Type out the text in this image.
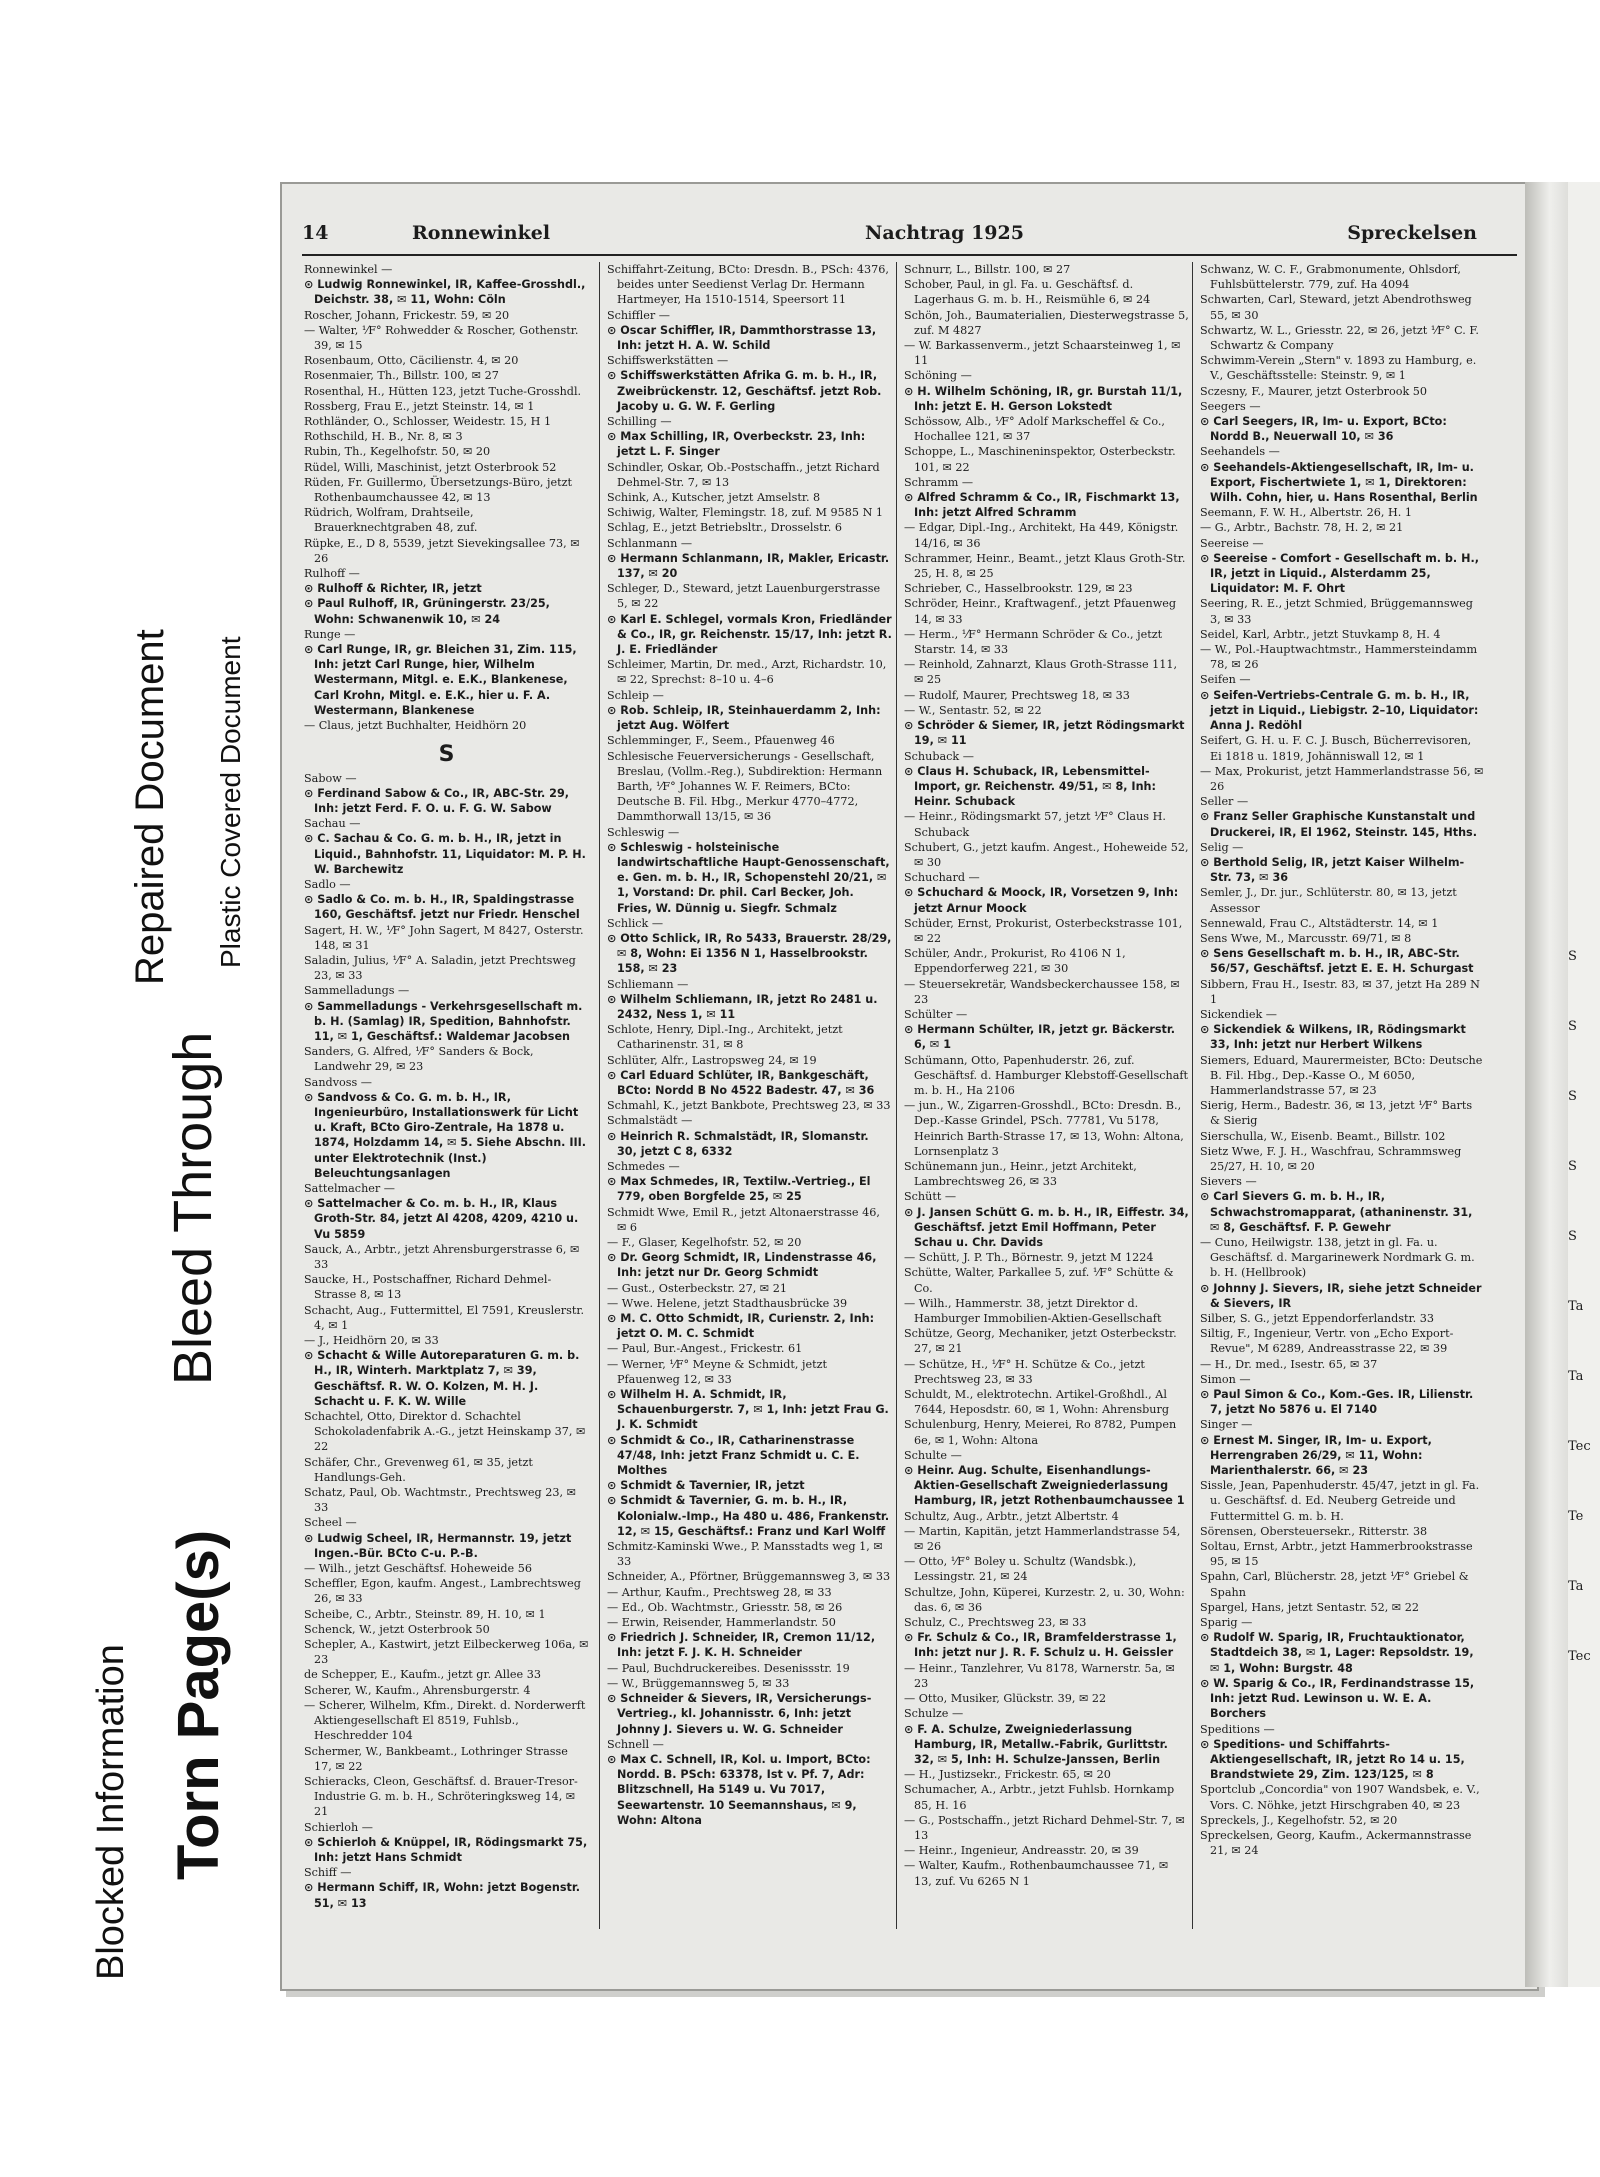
Blocked Information
Bleed Through
Torn Page(s)
Repaired Document Plastic Covered Document
14	Ronnewinkel	Nachtrag 1925	Spreckelsen

Ronnewinkel —

⊙ Ludwig Ronnewinkel, IR, Kaffee-Grosshdl., Deichstr. 38, ✉ 11, Wohn: Cöln

Roscher, Johann, Frickestr. 59, ✉ 20

— Walter, ⅟F° Rohwedder & Roscher, Gothenstr. 39, ✉ 15

Rosenbaum, Otto, Cäcilienstr. 4, ✉ 20

Rosenmaier, Th., Billstr. 100, ✉ 27

Rosenthal, H., Hütten 123, jetzt Tuche-Grosshdl.

Rossberg, Frau E., jetzt Steinstr. 14, ✉ 1

Rothländer, O., Schlosser, Weidestr. 15, H 1

Rothschild, H. B., Nr. 8, ✉ 3

Rubin, Th., Kegelhofstr. 50, ✉ 20

Rüdel, Willi, Maschinist, jetzt Osterbrook 52

Rüden, Fr. Guillermo, Übersetzungs-Büro, jetzt Rothenbaumchaussee 42, ✉ 13

Rüdrich, Wolfram, Drahtseile, Brauerknechtgraben 48, zuf.

Rüpke, E., D 8, 5539, jetzt Sievekingsallee 73, ✉ 26

Rulhoff —

⊙ Rulhoff & Richter, IR, jetzt

⊙ Paul Rulhoff, IR, Grüningerstr. 23/25, Wohn: Schwanenwik 10, ✉ 24

Runge —

⊙ Carl Runge, IR, gr. Bleichen 31, Zim. 115, Inh: jetzt Carl Runge, hier, Wilhelm Westermann, Mitgl. e. E.K., Blankenese, Carl Krohn, Mitgl. e. E.K., hier u. F. A. Westermann, Blankenese

— Claus, jetzt Buchhalter, Heidhörn 20

S

Sabow —

⊙ Ferdinand Sabow & Co., IR, ABC-Str. 29, Inh: jetzt Ferd. F. O. u. F. G. W. Sabow

Sachau —

⊙ C. Sachau & Co. G. m. b. H., IR, jetzt in Liquid., Bahnhofstr. 11, Liquidator: M. P. H. W. Barchewitz

Sadlo —

⊙ Sadlo & Co. m. b. H., IR, Spaldingstrasse 160, Geschäftsf. jetzt nur Friedr. Henschel

Sagert, H. W., ⅟F° John Sagert, M 8427, Osterstr. 148, ✉ 31

Saladin, Julius, ⅟F° A. Saladin, jetzt Prechtsweg 23, ✉ 33

Sammelladungs —

⊙ Sammelladungs - Verkehrsgesellschaft m. b. H. (Samlag) IR, Spedition, Bahnhofstr. 11, ✉ 1, Geschäftsf.: Waldemar Jacobsen

Sanders, G. Alfred, ⅟F° Sanders & Bock, Landwehr 29, ✉ 23

Sandvoss —

⊙ Sandvoss & Co. G. m. b. H., IR, Ingenieurbüro, Installationswerk für Licht u. Kraft, BCto Giro-Zentrale, Ha 1878 u. 1874, Holzdamm 14, ✉ 5. Siehe Abschn. III. unter Elektrotechnik (Inst.) Beleuchtungsanlagen

Sattelmacher —

⊙ Sattelmacher & Co. m. b. H., IR, Klaus Groth-Str. 84, jetzt Al 4208, 4209, 4210 u. Vu 5859

Sauck, A., Arbtr., jetzt Ahrensburgerstrasse 6, ✉ 33

Saucke, H., Postschaffner, Richard Dehmel-Strasse 8, ✉ 13

Schacht, Aug., Futtermittel, El 7591, Kreuslerstr. 4, ✉ 1

— J., Heidhörn 20, ✉ 33

⊙ Schacht & Wille Autoreparaturen G. m. b. H., IR, Winterh. Marktplatz 7, ✉ 39, Geschäftsf. R. W. O. Kolzen, M. H. J. Schacht u. F. K. W. Wille

Schachtel, Otto, Direktor d. Schachtel Schokoladenfabrik A.-G., jetzt Heinskamp 37, ✉ 22

Schäfer, Chr., Grevenweg 61, ✉ 35, jetzt Handlungs-Geh.

Schatz, Paul, Ob. Wachtmstr., Prechtsweg 23, ✉ 33

Scheel —

⊙ Ludwig Scheel, IR, Hermannstr. 19, jetzt Ingen.-Bür. BCto C-u. P.-B.

— Wilh., jetzt Geschäftsf. Hoheweide 56

Scheffler, Egon, kaufm. Angest., Lambrechtsweg 26, ✉ 33

Scheibe, C., Arbtr., Steinstr. 89, H. 10, ✉ 1

Schenck, W., jetzt Osterbrook 50

Schepler, A., Kastwirt, jetzt Eilbeckerweg 106a, ✉ 23

de Schepper, E., Kaufm., jetzt gr. Allee 33

Scherer, W., Kaufm., Ahrensburgerstr. 4

— Scherer, Wilhelm, Kfm., Direkt. d. Norderwerft Aktiengesellschaft El 8519, Fuhlsb., Heschredder 104

Schermer, W., Bankbeamt., Lothringer Strasse 17, ✉ 22

Schieracks, Cleon, Geschäftsf. d. Brauer-Tresor-Industrie G. m. b. H., Schröteringksweg 14, ✉ 21

Schierloh —

⊙ Schierloh & Knüppel, IR, Rödingsmarkt 75, Inh: jetzt Hans Schmidt

Schiff —

⊙ Hermann Schiff, IR, Wohn: jetzt Bogenstr. 51, ✉ 13

Schiffahrt-Zeitung, BCto: Dresdn. B., PSch: 4376, beides unter Seedienst Verlag Dr. Hermann Hartmeyer, Ha 1510-1514, Speersort 11

Schiffler —

⊙ Oscar Schiffler, IR, Dammthorstrasse 13, Inh: jetzt H. A. W. Schild

Schiffswerkstätten —

⊙ Schiffswerkstätten Afrika G. m. b. H., IR, Zweibrückenstr. 12, Geschäftsf. jetzt Rob. Jacoby u. G. W. F. Gerling

Schilling —

⊙ Max Schilling, IR, Overbeckstr. 23, Inh: jetzt L. F. Singer

Schindler, Oskar, Ob.-Postschaffn., jetzt Richard Dehmel-Str. 7, ✉ 13

Schink, A., Kutscher, jetzt Amselstr. 8

Schiwig, Walter, Flemingstr. 18, zuf. M 9585 N 1

Schlag, E., jetzt Betriebsltr., Drosselstr. 6

Schlanmann —

⊙ Hermann Schlanmann, IR, Makler, Ericastr. 137, ✉ 20

Schleger, D., Steward, jetzt Lauenburgerstrasse 5, ✉ 22

⊙ Karl E. Schlegel, vormals Kron, Friedländer & Co., IR, gr. Reichenstr. 15/17, Inh: jetzt R. J. E. Friedländer

Schleimer, Martin, Dr. med., Arzt, Richardstr. 10, ✉ 22, Sprechst: 8–10 u. 4–6

Schleip —

⊙ Rob. Schleip, IR, Steinhauerdamm 2, Inh: jetzt Aug. Wölfert

Schlemminger, F., Seem., Pfauenweg 46

Schlesische Feuerversicherungs - Gesellschaft, Breslau, (Vollm.-Reg.), Subdirektion: Hermann Barth, ⅟F° Johannes W. F. Reimers, BCto: Deutsche B. Fil. Hbg., Merkur 4770–4772, Dammthorwall 13/15, ✉ 36

Schleswig —

⊙ Schleswig - holsteinische landwirtschaftliche Haupt-Genossenschaft, e. Gen. m. b. H., IR, Schopenstehl 20/21, ✉ 1, Vorstand: Dr. phil. Carl Becker, Joh. Fries, W. Dünnig u. Siegfr. Schmalz

Schlick —

⊙ Otto Schlick, IR, Ro 5433, Brauerstr. 28/29, ✉ 8, Wohn: Ei 1356 N 1, Hasselbrookstr. 158, ✉ 23

Schliemann —

⊙ Wilhelm Schliemann, IR, jetzt Ro 2481 u. 2432, Ness 1, ✉ 11

Schlote, Henry, Dipl.-Ing., Architekt, jetzt Catharinenstr. 31, ✉ 8

Schlüter, Alfr., Lastropsweg 24, ✉ 19

⊙ Carl Eduard Schlüter, IR, Bankgeschäft, BCto: Nordd B No 4522 Badestr. 47, ✉ 36

Schmahl, K., jetzt Bankbote, Prechtsweg 23, ✉ 33

Schmalstädt —

⊙ Heinrich R. Schmalstädt, IR, Slomanstr. 30, jetzt C 8, 6332

Schmedes —

⊙ Max Schmedes, IR, Textilw.-Vertrieg., El 779, oben Borgfelde 25, ✉ 25

Schmidt Wwe, Emil R., jetzt Altonaerstrasse 46, ✉ 6

— F., Glaser, Kegelhofstr. 52, ✉ 20

⊙ Dr. Georg Schmidt, IR, Lindenstrasse 46, Inh: jetzt nur Dr. Georg Schmidt

— Gust., Osterbeckstr. 27, ✉ 21

— Wwe. Helene, jetzt Stadthausbrücke 39

⊙ M. C. Otto Schmidt, IR, Curienstr. 2, Inh: jetzt O. M. C. Schmidt

— Paul, Bur.-Angest., Frickestr. 61

— Werner, ⅟F° Meyne & Schmidt, jetzt Pfauenweg 12, ✉ 33

⊙ Wilhelm H. A. Schmidt, IR, Schauenburgerstr. 7, ✉ 1, Inh: jetzt Frau G. J. K. Schmidt

⊙ Schmidt & Co., IR, Catharinenstrasse 47/48, Inh: jetzt Franz Schmidt u. C. E. Molthes

⊙ Schmidt & Tavernier, IR, jetzt

⊙ Schmidt & Tavernier, G. m. b. H., IR, Kolonialw.-Imp., Ha 480 u. 486, Frankenstr. 12, ✉ 15, Geschäftsf.: Franz und Karl Wolff

Schmitz-Kaminski Wwe., P. Mansstadts weg 1, ✉ 33

Schneider, A., Pförtner, Brüggemannsweg 3, ✉ 33

— Arthur, Kaufm., Prechtsweg 28, ✉ 33

— Ed., Ob. Wachtmstr., Griesstr. 58, ✉ 26

— Erwin, Reisender, Hammerlandstr. 50

⊙ Friedrich J. Schneider, IR, Cremon 11/12, Inh: jetzt F. J. K. H. Schneider

— Paul, Buchdruckereibes. Desenissstr. 19

— W., Brüggemannsweg 5, ✉ 33

⊙ Schneider & Sievers, IR, Versicherungs-Vertrieg., kl. Johannisstr. 6, Inh: jetzt Johnny J. Sievers u. W. G. Schneider

Schnell —

⊙ Max C. Schnell, IR, Kol. u. Import, BCto: Nordd. B. PSch: 63378, Ist v. Pf. 7, Adr: Blitzschnell, Ha 5149 u. Vu 7017, Seewartenstr. 10 Seemannshaus, ✉ 9, Wohn: Altona

Schnurr, L., Billstr. 100, ✉ 27

Schober, Paul, in gl. Fa. u. Geschäftsf. d. Lagerhaus G. m. b. H., Reismühle 6, ✉ 24

Schön, Joh., Baumaterialien, Diesterwegstrasse 5, zuf. M 4827

— W. Barkassenverm., jetzt Schaarsteinweg 1, ✉ 11

Schöning —

⊙ H. Wilhelm Schöning, IR, gr. Burstah 11/1, Inh: jetzt E. H. Gerson Lokstedt

Schössow, Alb., ⅟F° Adolf Markscheffel & Co., Hochallee 121, ✉ 37

Schoppe, L., Maschineninspektor, Osterbeckstr. 101, ✉ 22

Schramm —

⊙ Alfred Schramm & Co., IR, Fischmarkt 13, Inh: jetzt Alfred Schramm

— Edgar, Dipl.-Ing., Architekt, Ha 449, Königstr. 14/16, ✉ 36

Schrammer, Heinr., Beamt., jetzt Klaus Groth-Str. 25, H. 8, ✉ 25

Schrieber, C., Hasselbrookstr. 129, ✉ 23

Schröder, Heinr., Kraftwagenf., jetzt Pfauenweg 14, ✉ 33

— Herm., ⅟F° Hermann Schröder & Co., jetzt Starstr. 14, ✉ 33

— Reinhold, Zahnarzt, Klaus Groth-Strasse 111, ✉ 25

— Rudolf, Maurer, Prechtsweg 18, ✉ 33

— W., Sentastr. 52, ✉ 22

⊙ Schröder & Siemer, IR, jetzt Rödingsmarkt 19, ✉ 11

Schuback —

⊙ Claus H. Schuback, IR, Lebensmittel-Import, gr. Reichenstr. 49/51, ✉ 8, Inh: Heinr. Schuback

— Heinr., Rödingsmarkt 57, jetzt ⅟F° Claus H. Schuback

Schubert, G., jetzt kaufm. Angest., Hoheweide 52, ✉ 30

Schuchard —

⊙ Schuchard & Moock, IR, Vorsetzen 9, Inh: jetzt Arnur Moock

Schüder, Ernst, Prokurist, Osterbeckstrasse 101, ✉ 22

Schüler, Andr., Prokurist, Ro 4106 N 1, Eppendorferweg 221, ✉ 30

— Steuersekretär, Wandsbeckerchaussee 158, ✉ 23

Schülter —

⊙ Hermann Schülter, IR, jetzt gr. Bäckerstr. 6, ✉ 1

Schümann, Otto, Papenhuderstr. 26, zuf. Geschäftsf. d. Hamburger Klebstoff-Gesellschaft m. b. H., Ha 2106

— jun., W., Zigarren-Grosshdl., BCto: Dresdn. B., Dep.-Kasse Grindel, PSch. 77781, Vu 5178, Heinrich Barth-Strasse 17, ✉ 13, Wohn: Altona, Lornsenplatz 3

Schünemann jun., Heinr., jetzt Architekt, Lambrechtsweg 26, ✉ 33

Schütt —

⊙ J. Jansen Schütt G. m. b. H., IR, Eiffestr. 34, Geschäftsf. jetzt Emil Hoffmann, Peter Schau u. Chr. Davids

— Schütt, J. P. Th., Börnestr. 9, jetzt M 1224

Schütte, Walter, Parkallee 5, zuf. ⅟F° Schütte & Co.

— Wilh., Hammerstr. 38, jetzt Direktor d. Hamburger Immobilien-Aktien-Gesellschaft

Schütze, Georg, Mechaniker, jetzt Osterbeckstr. 27, ✉ 21

— Schütze, H., ⅟F° H. Schütze & Co., jetzt Prechtsweg 23, ✉ 33

Schuldt, M., elektrotechn. Artikel-Großhdl., Al 7644, Heposdstr. 60, ✉ 1, Wohn: Ahrensburg

Schulenburg, Henry, Meierei, Ro 8782, Pumpen 6e, ✉ 1, Wohn: Altona

Schulte —

⊙ Heinr. Aug. Schulte, Eisenhandlungs-Aktien-Gesellschaft Zweigniederlassung Hamburg, IR, jetzt Rothenbaumchaussee 1

Schultz, Aug., Arbtr., jetzt Albertstr. 4

— Martin, Kapitän, jetzt Hammerlandstrasse 54, ✉ 26

— Otto, ⅟F° Boley u. Schultz (Wandsbk.), Lessingstr. 21, ✉ 24

Schultze, John, Küperei, Kurzestr. 2, u. 30, Wohn: das. 6, ✉ 36

Schulz, C., Prechtsweg 23, ✉ 33

⊙ Fr. Schulz & Co., IR, Bramfelderstrasse 1, Inh: jetzt nur J. R. F. Schulz u. H. Geissler

— Heinr., Tanzlehrer, Vu 8178, Warnerstr. 5a, ✉ 23

— Otto, Musiker, Glückstr. 39, ✉ 22

Schulze —

⊙ F. A. Schulze, Zweigniederlassung Hamburg, IR, Metallw.-Fabrik, Gurlittstr. 32, ✉ 5, Inh: H. Schulze-Janssen, Berlin

— H., Justizsekr., Frickestr. 65, ✉ 20

Schumacher, A., Arbtr., jetzt Fuhlsb. Hornkamp 85, H. 16

— G., Postschaffn., jetzt Richard Dehmel-Str. 7, ✉ 13

— Heinr., Ingenieur, Andreasstr. 20, ✉ 39

— Walter, Kaufm., Rothenbaumchaussee 71, ✉ 13, zuf. Vu 6265 N 1

Schwanz, W. C. F., Grabmonumente, Ohlsdorf, Fuhlsbüttelerstr. 779, zuf. Ha 4094

Schwarten, Carl, Steward, jetzt Abendrothsweg 55, ✉ 30

Schwartz, W. L., Griesstr. 22, ✉ 26, jetzt ⅟F° C. F. Schwartz & Company

Schwimm-Verein „Stern" v. 1893 zu Hamburg, e. V., Geschäftsstelle: Steinstr. 9, ✉ 1

Sczesny, F., Maurer, jetzt Osterbrook 50

Seegers —

⊙ Carl Seegers, IR, Im- u. Export, BCto: Nordd B., Neuerwall 10, ✉ 36

Seehandels —

⊙ Seehandels-Aktiengesellschaft, IR, Im- u. Export, Fischertwiete 1, ✉ 1, Direktoren: Wilh. Cohn, hier, u. Hans Rosenthal, Berlin

Seemann, F. W. H., Albertstr. 26, H. 1

— G., Arbtr., Bachstr. 78, H. 2, ✉ 21

Seereise —

⊙ Seereise - Comfort - Gesellschaft m. b. H., IR, jetzt in Liquid., Alsterdamm 25, Liquidator: M. F. Ohrt

Seering, R. E., jetzt Schmied, Brüggemannsweg 3, ✉ 33

Seidel, Karl, Arbtr., jetzt Stuvkamp 8, H. 4

— W., Pol.-Hauptwachtmstr., Hammersteindamm 78, ✉ 26

Seifen —

⊙ Seifen-Vertriebs-Centrale G. m. b. H., IR, jetzt in Liquid., Liebigstr. 2–10, Liquidator: Anna J. Redöhl

Seifert, G. H. u. F. C. J. Busch, Bücherrevisoren, Ei 1818 u. 1819, Johänniswall 12, ✉ 1

— Max, Prokurist, jetzt Hammerlandstrasse 56, ✉ 26

Seller —

⊙ Franz Seller Graphische Kunstanstalt und Druckerei, IR, El 1962, Steinstr. 145, Hths.

Selig —

⊙ Berthold Selig, IR, jetzt Kaiser Wilhelm-Str. 73, ✉ 36

Semler, J., Dr. jur., Schlüterstr. 80, ✉ 13, jetzt Assessor

Sennewald, Frau C., Altstädterstr. 14, ✉ 1

Sens Wwe, M., Marcusstr. 69/71, ✉ 8

⊙ Sens Gesellschaft m. b. H., IR, ABC-Str. 56/57, Geschäftsf. jetzt E. E. H. Schurgast

Sibbern, Frau H., Isestr. 83, ✉ 37, jetzt Ha 289 N 1

Sickendiek —

⊙ Sickendiek & Wilkens, IR, Rödingsmarkt 33, Inh: jetzt nur Herbert Wilkens

Siemers, Eduard, Maurermeister, BCto: Deutsche B. Fil. Hbg., Dep.-Kasse O., M 6050, Hammerlandstrasse 57, ✉ 23

Sierig, Herm., Badestr. 36, ✉ 13, jetzt ⅟F° Barts & Sierig

Sierschulla, W., Eisenb. Beamt., Billstr. 102

Sietz Wwe, F. J. H., Waschfrau, Schrammsweg 25/27, H. 10, ✉ 20

Sievers —

⊙ Carl Sievers G. m. b. H., IR, Schwachstromapparat, (athaninenstr. 31, ✉ 8, Geschäftsf. F. P. Gewehr

— Cuno, Heilwigstr. 138, jetzt in gl. Fa. u. Geschäftsf. d. Margarinewerk Nordmark G. m. b. H. (Hellbrook)

⊙ Johnny J. Sievers, IR, siehe jetzt Schneider & Sievers, IR

Silber, S. G., jetzt Eppendorferlandstr. 33

Siltig, F., Ingenieur, Vertr. von „Echo Export-Revue", M 6289, Andreasstrasse 22, ✉ 39

— H., Dr. med., Isestr. 65, ✉ 37

Simon —

⊙ Paul Simon & Co., Kom.-Ges. IR, Lilienstr. 7, jetzt No 5876 u. El 7140

Singer —

⊙ Ernest M. Singer, IR, Im- u. Export, Herrengraben 26/29, ✉ 11, Wohn: Marienthalerstr. 66, ✉ 23

Sissle, Jean, Papenhuderstr. 45/47, jetzt in gl. Fa. u. Geschäftsf. d. Ed. Neuberg Getreide und Futtermittel G. m. b. H.

Sörensen, Obersteuersekr., Ritterstr. 38

Soltau, Ernst, Arbtr., jetzt Hammerbrookstrasse 95, ✉ 15

Spahn, Carl, Blücherstr. 28, jetzt ⅟F° Griebel & Spahn

Spargel, Hans, jetzt Sentastr. 52, ✉ 22

Sparig —

⊙ Rudolf W. Sparig, IR, Fruchtauktionator, Stadtdeich 38, ✉ 1, Lager: Repsoldstr. 19, ✉ 1, Wohn: Burgstr. 48

⊙ W. Sparig & Co., IR, Ferdinandstrasse 15, Inh: jetzt Rud. Lewinson u. W. E. A. Borchers

Speditions —

⊙ Speditions- und Schiffahrts-Aktiengesellschaft, IR, jetzt Ro 14 u. 15, Brandstwiete 29, Zim. 123/125, ✉ 8

Sportclub „Concordia" von 1907 Wandsbek, e. V., Vors. C. Nöhke, jetzt Hirschgraben 40, ✉ 23

Spreckels, J., Kegelhofstr. 52, ✉ 20

Spreckelsen, Georg, Kaufm., Ackermannstrasse 21, ✉ 24

S
S
S
S
S
Ta
Ta
Tec
Te
Ta
Tec
